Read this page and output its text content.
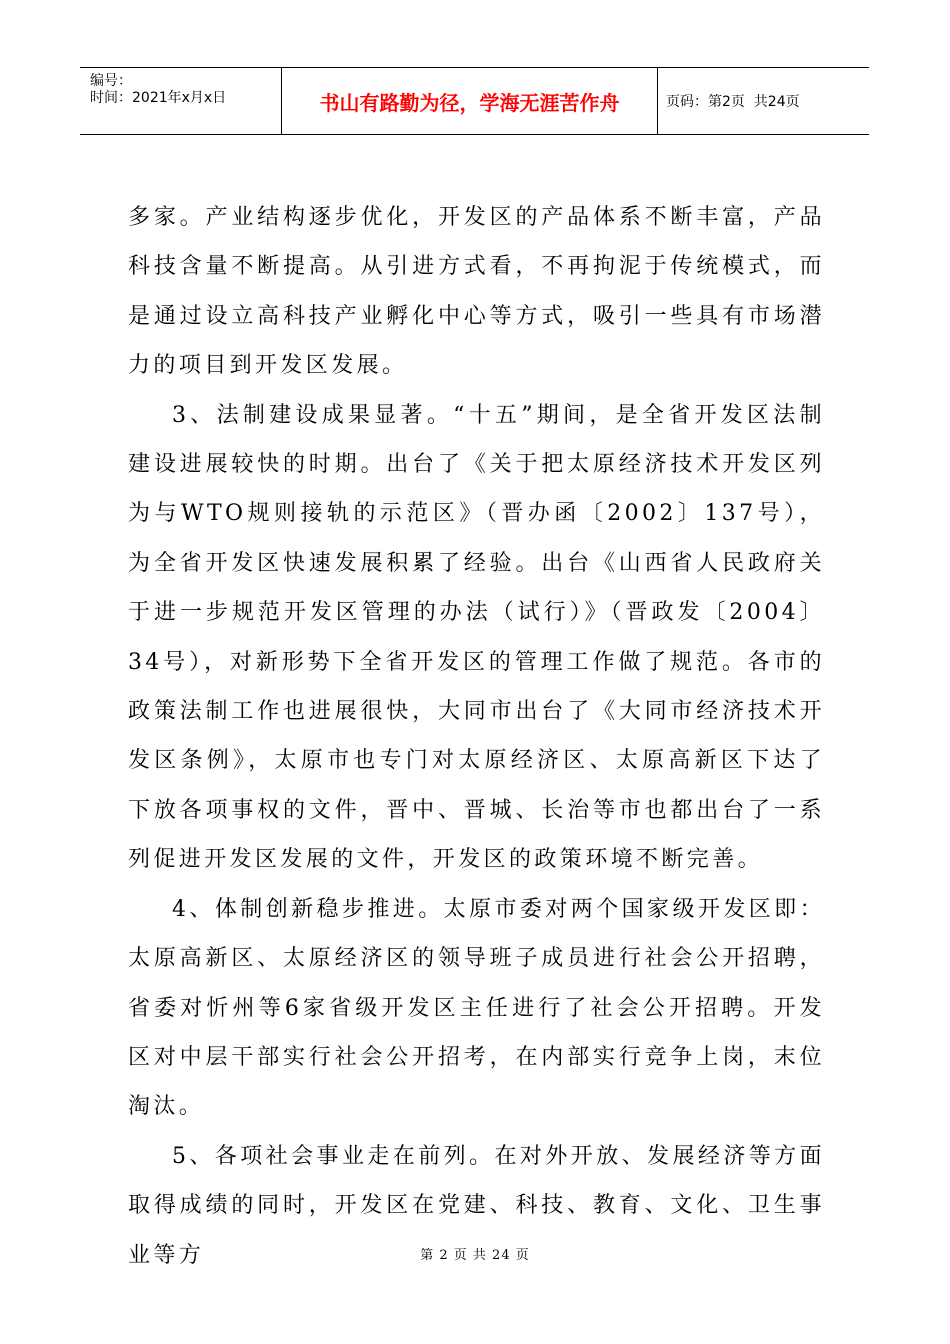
编号：
时间：2021年x月x日	书山有路勤为径，学海无涯苦作舟	页码：第2页  共24页

多家。产业结构逐步优化，开发区的产品体系不断丰富，产品科技含量不断提高。从引进方式看，不再拘泥于传统模式，而是通过设立高科技产业孵化中心等方式，吸引一些具有市场潜力的项目到开发区发展。

3、法制建设成果显著。“十五”期间，是全省开发区法制建设进展较快的时期。出台了《关于把太原经济技术开发区列为与WTO规则接轨的示范区》（晋办函〔2002〕137号），为全省开发区快速发展积累了经验。出台《山西省人民政府关于进一步规范开发区管理的办法（试行）》（晋政发〔2004〕34号），对新形势下全省开发区的管理工作做了规范。各市的政策法制工作也进展很快，大同市出台了《大同市经济技术开发区条例》，太原市也专门对太原经济区、太原高新区下达了下放各项事权的文件，晋中、晋城、长治等市也都出台了一系列促进开发区发展的文件，开发区的政策环境不断完善。

4、体制创新稳步推进。太原市委对两个国家级开发区即：太原高新区、太原经济区的领导班子成员进行社会公开招聘，省委对忻州等6家省级开发区主任进行了社会公开招聘。开发区对中层干部实行社会公开招考，在内部实行竞争上岗，末位淘汰。

5、各项社会事业走在前列。在对外开放、发展经济等方面取得成绩的同时，开发区在党建、科技、教育、文化、卫生事业等方	第 2 页 共 24 页
